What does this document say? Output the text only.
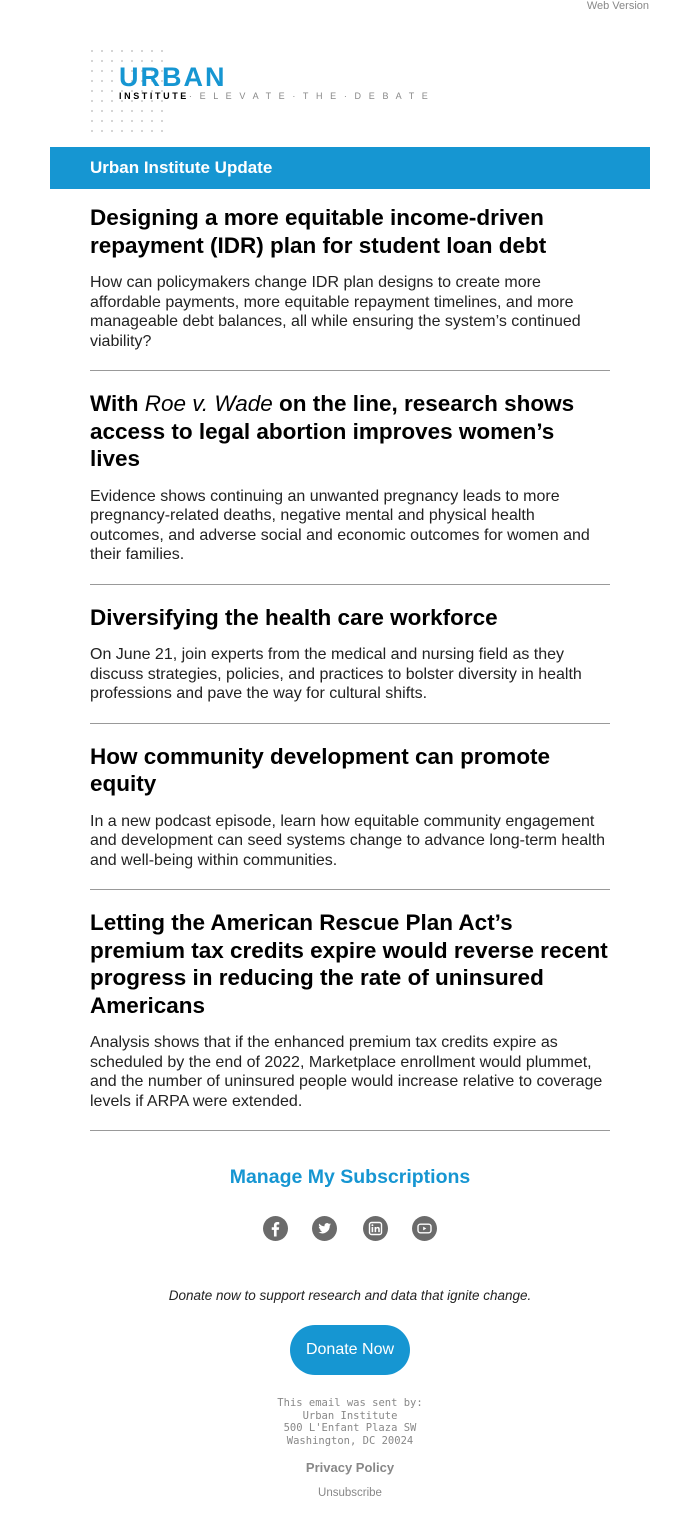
Web Version
URBAN
INSTITUTE· E L E V A T E · T H E · D E B A T E
Urban Institute Update
Designing a more equitable income-driven repayment (IDR) plan for student loan debt

How can policymakers change IDR plan designs to create more affordable payments, more equitable repayment timelines, and more manageable debt balances, all while ensuring the system’s continued viability?

With Roe v. Wade on the line, research shows access to legal abortion improves women’s lives

Evidence shows continuing an unwanted pregnancy leads to more pregnancy-related deaths, negative mental and physical health outcomes, and adverse social and economic outcomes for women and their families.

Diversifying the health care workforce

On June 21, join experts from the medical and nursing field as they discuss strategies, policies, and practices to bolster diversity in health professions and pave the way for cultural shifts.

How community development can promote equity

In a new podcast episode, learn how equitable community engagement and development can seed systems change to advance long-term health and well-being within communities.

Letting the American Rescue Plan Act’s premium tax credits expire would reverse recent progress in reducing the rate of uninsured Americans

Analysis shows that if the enhanced premium tax credits expire as scheduled by the end of 2022, Marketplace enrollment would plummet, and the number of uninsured people would increase relative to coverage levels if ARPA were extended.

Manage My Subscriptions
Donate now to support research and data that ignite change.
Donate Now
This email was sent by:
Urban Institute
500 L'Enfant Plaza SW
Washington, DC 20024
Privacy Policy
Unsubscribe
